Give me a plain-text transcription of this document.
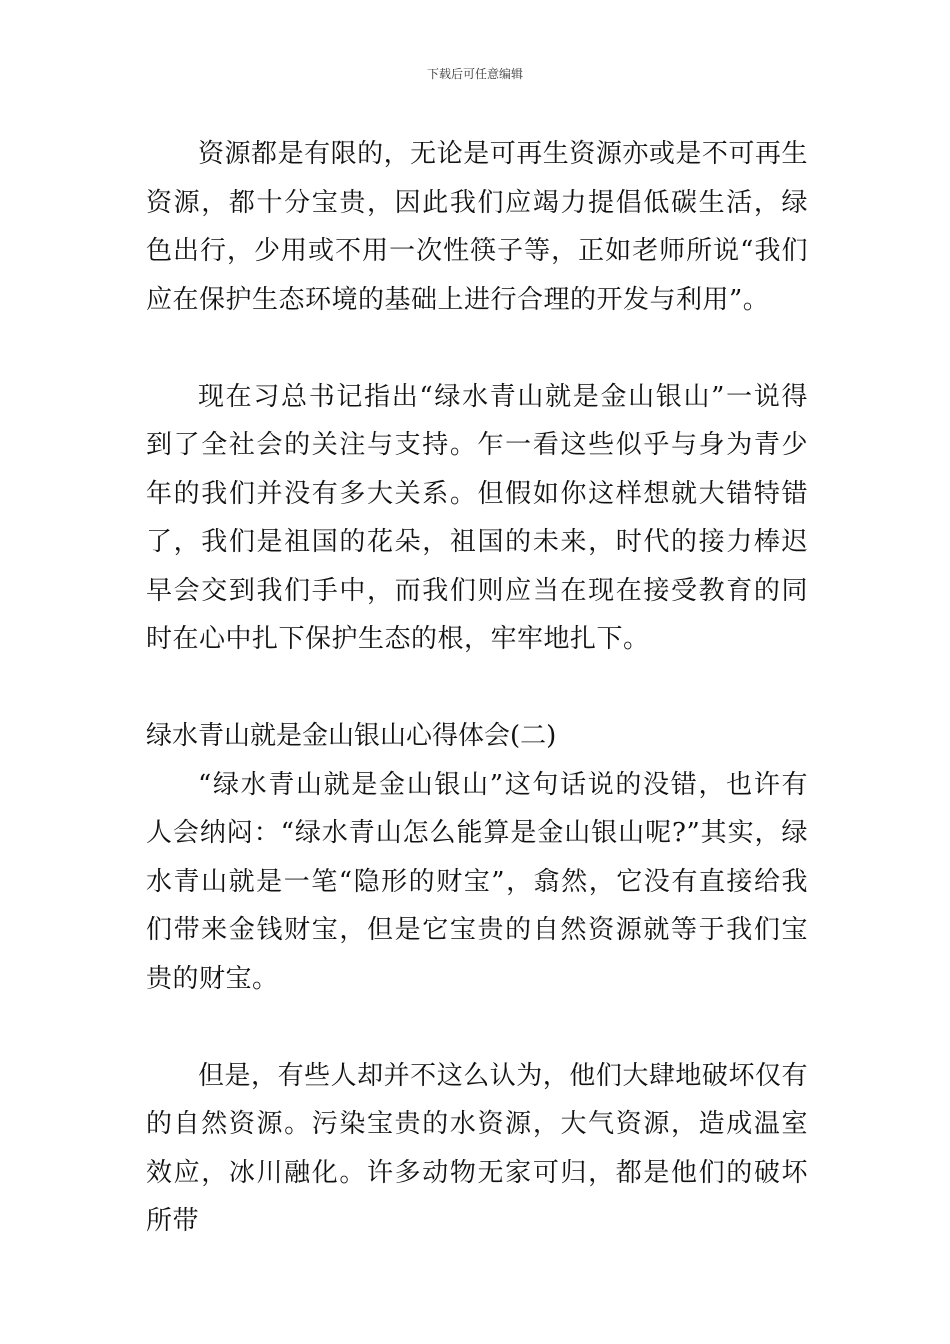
下载后可任意编辑

资源都是有限的，无论是可再生资源亦或是不可再生资源，都十分宝贵，因此我们应竭力提倡低碳生活，绿色出行，少用或不用一次性筷子等，正如老师所说“我们应在保护生态环境的基础上进行合理的开发与利用”。

现在习总书记指出“绿水青山就是金山银山”一说得到了全社会的关注与支持。乍一看这些似乎与身为青少年的我们并没有多大关系。但假如你这样想就大错特错了，我们是祖国的花朵，祖国的未来，时代的接力棒迟早会交到我们手中，而我们则应当在现在接受教育的同时在心中扎下保护生态的根，牢牢地扎下。

绿水青山就是金山银山心得体会(二)

“绿水青山就是金山银山”这句话说的没错，也许有人会纳闷：“绿水青山怎么能算是金山银山呢?”其实，绿水青山就是一笔“隐形的财宝”，翕然，它没有直接给我们带来金钱财宝，但是它宝贵的自然资源就等于我们宝贵的财宝。

但是，有些人却并不这么认为，他们大肆地破坏仅有的自然资源。污染宝贵的水资源，大气资源，造成温室效应，冰川融化。许多动物无家可归，都是他们的破坏所带
